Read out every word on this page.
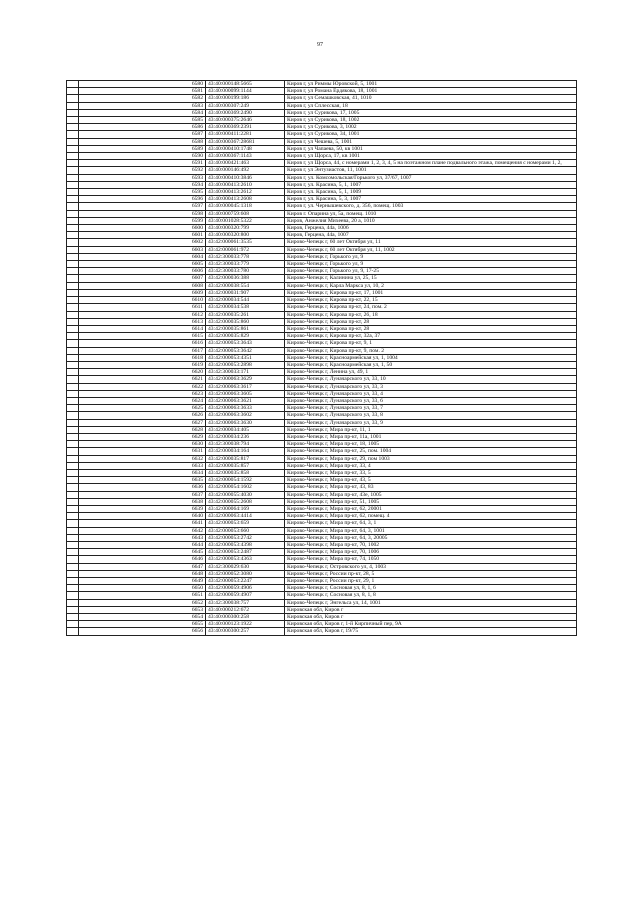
97
	6580	43:40:000148:5665	Киров г, ул Риммы Юровской, 5, 1001
	6581	43:40:000099:1144	Киров г, ул Романа Ердякова, 18, 1001
	6582	43:40:000199:186	Киров г, ул Семашковская, 41, 1010
	6583	43:40:000307:249	Киров г, ул Сплесская, 18
	6584	43:40:000369:2490	Киров г, ул Сурикова, 17, 1005
	6585	43:40:000375:2646	Киров г, ул Сурикова, 18, 1002
	6586	43:40:000369:2391	Киров г, ул Сурикова, 3, 1002
	6587	43:40:000411:2281	Киров г, ул Сурикова, 34, 1001
	6588	43:40:000367:28681	Киров г, ул Чешева, 5, 1001
	6589	43:40:000410:1748	Киров г, ул Чапаева, 50, кв 1001
	6590	43:40:000367:1143	Киров г, ул Щорса, 17, кв 1001
	6591	43:40:000421:463	Киров г, ул Щорса, 44, с номерами 1, 2, 3, 4, 5 на поэтажном плане подвального этажа, помещения с номерами 1, 2,
	6592	43:40:000146:492	Киров г, ул Энтузиастов, 11, 1001
	6593	43:40:000410:3846	Киров г, ул. Комсомольская/Горького ул, 37/67, 1007
	6594	43:40:000413:2610	Киров г, ул. Красина, 5, 1, 1007
	6595	43:40:000413:2612	Киров г, ул. Красина, 5, 1, 1009
	6596	43:40:000413:2608	Киров г, ул. Красина, 5, 3, 1007
	6597	43:40:000045:1318	Киров г, ул. Чернышевского, д. 356, помещ. 1003
	6598	43:40:000759:608	Киров г. Опарина ул, 5а, помещ. 1010
	6599	43:40:001028:5322	Киров, Анжелия Михеева, 20 а, 1010
	6600	43:40:000320:799	Киров, Герцена, 44а, 1006
	6601	43:40:000320:800	Киров, Герцена, 44а, 1007
	6602	43:42:000061:3535	Кирово-Чепецк г, 60 лет Октября ул, 11
	6603	43:42:000061:972	Кирово-Чепецк г, 60 лет Октября ул, 11, 1002
	6604	43:42:300033:778	Кирово-Чепецк г, Горького ул, 9
	6605	43:42:300033:779	Кирово-Чепецк г, Горького ул, 9
	6606	43:42:300033:780	Кирово-Чепецк г, Горького ул, 9, 17-25
	6607	43:42:000036:388	Кирово-Чепецк г, Калинина ул, 25, 15
	6608	43:42:000038:554	Кирово-Чепецк г, Карла Маркса ул, 10, 2
	6609	43:42:000031:907	Кирово-Чепецк г, Кирова пр-кт, 17, 1001
	6610	43:42:000034:544	Кирово-Чепецк г, Кирова пр-кт, 22, 15
	6611	43:42:000034:538	Кирово-Чепецк г, Кирова пр-кт, 24, пом. 2
	6612	43:42:000035:261	Кирово-Чепецк г, Кирова пр-кт, 26, 18
	6613	43:42:000035:860	Кирово-Чепецк г, Кирова пр-кт, 28
	6614	43:42:000035:861	Кирово-Чепецк г, Кирова пр-кт, 28
	6615	43:42:000035:829	Кирово-Чепецк г, Кирова пр-кт, 32а, 37
	6616	43:42:000053:3643	Кирово-Чепецк г, Кирова пр-кт, 9, 1
	6617	43:42:000053:3642	Кирово-Чепецк г, Кирова пр-кт, 9, пом. 2
	6618	43:42:000053:4351	Кирово-Чепецк г, Красноармейская ул, 1, 1004
	6619	43:42:000053:2898	Кирово-Чепецк г, Красноармейская ул, 1, 50
	6620	43:42:300033:171	Кирово-Чепецк г, Ленина ул, 49, 1
	6621	43:42:000063:3629	Кирово-Чепецк г, Луначарского ул, 33, 10
	6622	43:42:000063:3617	Кирово-Чепецк г, Луначарского ул, 33, 3
	6623	43:42:000063:3605	Кирово-Чепецк г, Луначарского ул, 33, 4
	6624	43:42:000063:3621	Кирово-Чепецк г, Луначарского ул, 33, 6
	6625	43:42:000063:3633	Кирово-Чепецк г, Луначарского ул, 33, 7
	6626	43:42:000063:3602	Кирово-Чепецк г, Луначарского ул, 33, 8
	6627	43:42:000063:3630	Кирово-Чепецк г, Луначарского ул, 33, 9
	6628	43:42:000034:405	Кирово-Чепецк г, Мира пр-кт, 11, 1
	6629	43:42:000034:236	Кирово-Чепецк г, Мира пр-кт, 11а, 1001
	6630	43:42:300038:794	Кирово-Чепецк г, Мира пр-кт, 18, 1005
	6631	43:42:000034:164	Кирово-Чепецк г, Мира пр-кт, 25, пом. 1004
	6632	43:42:000035:817	Кирово-Чепецк г, Мира пр-кт, 29, пом 1003
	6633	43:42:000035:857	Кирово-Чепецк г, Мира пр-кт, 33, 4
	6634	43:42:000035:858	Кирово-Чепецк г, Мира пр-кт, 33, 5
	6635	43:42:000054:1592	Кирово-Чепецк г, Мира пр-кт, 43, 5
	6636	43:42:000054:1602	Кирово-Чепецк г, Мира пр-кт, 43, 83
	6637	43:42:000055:4030	Кирово-Чепецк г, Мира пр-кт, 43е, 1005
	6638	43:42:000055:2608	Кирово-Чепецк г, Мира пр-кт, 51, 1005
	6639	43:42:000064:169	Кирово-Чепецк г, Мира пр-кт, 62, 20001
	6640	43:42:000063:4414	Кирово-Чепецк г, Мира пр-кт, 62, помещ. 4
	6641	43:42:000053:659	Кирово-Чепецк г, Мира пр-кт, 64, 3, 1
	6642	43:42:000053:660	Кирово-Чепецк г, Мира пр-кт, 64, 3, 1001
	6643	43:42:000053:2742	Кирово-Чепецк г, Мира пр-кт, 64, 3, 20005
	6644	43:42:000053:4398	Кирово-Чепецк г, Мира пр-кт, 70, 1002
	6645	43:42:000053:2487	Кирово-Чепецк г, Мира пр-кт, 70, 1006
	6646	43:42:000053:4363	Кирово-Чепецк г, Мира пр-кт, 74, 1050
	6647	43:42:300029:630	Кирово-Чепецк г, Островского ул, 4, 1003
	6648	43:42:000052:3080	Кирово-Чепецк г, России пр-кт, 28, 5
	6649	43:42:000053:2247	Кирово-Чепецк г, России пр-кт, 29, 1
	6650	43:42:000059:4906	Кирово-Чепецк г, Сосновая ул, 8, 1, 6
	6651	43:42:000059:4907	Кирово-Чепецк г, Сосновая ул, 8, 1, 8
	6652	43:42:300038:757	Кирово-Чепецк г, Энгельса ул, 14, 1001
	6653	43:40:000212:672	Кировская обл, Киров г
	6654	43:40:000300:258	Кировская обл, Киров г
	6655	43:40:000123:1922	Кировская обл, Киров г, 1-й Кирпичный пер, 9А
	6656	43:40:000300:257	Кировская обл, Киров г, 19/75
